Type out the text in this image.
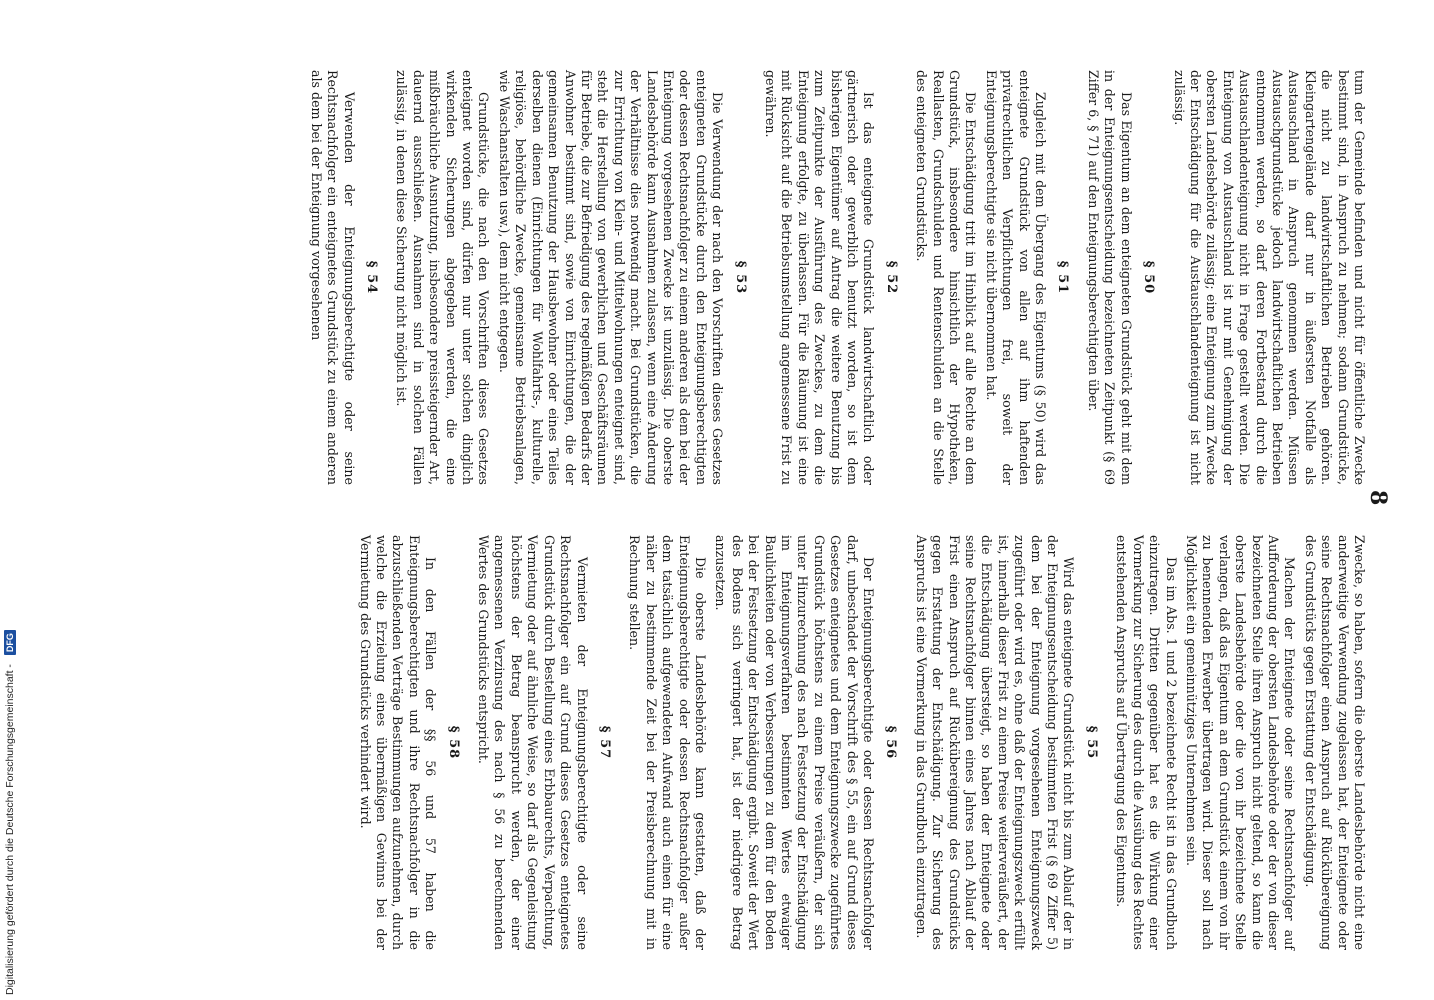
8

tum der Gemeinde befinden und nicht für öffentliche Zwecke bestimmt sind, in Anspruch zu nehmen; sodann Grundstücke, die nicht zu landwirtschaftlichen Betrieben gehören. Kleingartengelände darf nur in äußersten Notfalle als Austauschland in Anspruch genommen werden. Müssen Austauschgrundstücke jedoch landwirtschaftlichen Betrieben entnommen werden, so darf deren Fortbestand durch die Austauschlandenteignung nicht in Frage gestellt werden. Die Enteignung von Austauschland ist nur mit Genehmigung der obersten Landesbehörde zulässig; eine Enteignung zum Zwecke der Entschädigung für die Austauschlandenteignung ist nicht zulässig.

§ 50

Das Eigentum an dem enteigneten Grundstück geht mit dem in der Enteignungsentscheidung bezeichneten Zeitpunkt (§ 69 Ziffer 6, § 71) auf den Enteignungsberechtigten über.

§ 51

Zugleich mit dem Übergang des Eigentums (§ 50) wird das enteignete Grundstück von allen auf ihm haftenden privatrechtlichen Verpflichtungen frei, soweit der Enteignungsberechtigte sie nicht übernommen hat.

Die Entschädigung tritt im Hinblick auf alle Rechte an dem Grundstück, insbesondere hinsichtlich der Hypotheken, Reallasten, Grundschulden und Rentenschulden an die Stelle des enteigneten Grundstücks.

§ 52

Ist das enteignete Grundstück landwirtschaftlich oder gärtnerisch oder gewerblich benutzt worden, so ist dem bisherigen Eigentümer auf Antrag die weitere Benutzung bis zum Zeitpunkte der Ausführung des Zweckes, zu dem die Enteignung erfolgte, zu überlassen. Für die Räumung ist eine mit Rücksicht auf die Betriebsumstellung angemessene Frist zu gewähren.

§ 53

Die Verwendung der nach den Vorschriften dieses Gesetzes enteigneten Grundstücke durch den Enteignungsberechtigten oder dessen Rechtsnachfolger zu einem anderen als dem bei der Enteignung vorgesehenen Zwecke ist unzulässig. Die oberste Landesbehörde kann Ausnahmen zulassen, wenn eine Änderung der Verhältnisse dies notwendig macht. Bei Grundstücken, die zur Errichtung von Klein- und Mittelwohnungen enteignet sind, steht die Herstellung von gewerblichen und Geschäftsräumen für Betriebe, die zur Befriedigung des regelmäßigen Bedarfs der Anwohner bestimmt sind, sowie von Einrichtungen, die der gemeinsamen Benutzung der Hausbewohner oder eines Teiles derselben dienen (Einrichtungen für Wohlfahrts-, kulturelle, religiöse, behördliche Zwecke, gemeinsame Betriebsanlagen, wie Waschanstalten usw.), dem nicht entgegen.

Grundstücke, die nach den Vorschriften dieses Gesetzes enteignet worden sind, dürfen nur unter solchen dinglich wirkenden Sicherungen abgegeben werden, die eine mißbräuchliche Ausnutzung, insbesondere preissteigernder Art, dauernd ausschließen. Ausnahmen sind in solchen Fällen zulässig, in denen diese Sicherung nicht möglich ist.

§ 54

Verwenden der Enteignungsberechtigte oder seine Rechtsnachfolger ein enteignetes Grundstück zu einem anderen als dem bei der Enteignung vorgesehenen

Zwecke, so haben, sofern die oberste Landesbehörde nicht eine anderweitige Verwendung zugelassen hat, der Enteignete oder seine Rechtsnachfolger einen Anspruch auf Rückübereignung des Grundstücks gegen Erstattung der Entschädigung.

Machen der Enteignete oder seine Rechtsnachfolger auf Aufforderung der obersten Landesbehörde oder der von dieser bezeichneten Stelle ihren Anspruch nicht geltend, so kann die oberste Landesbehörde oder die von ihr bezeichnete Stelle verlangen, daß das Eigentum an dem Grundstück einem von ihr zu benennenden Erwerber übertragen wird. Dieser soll nach Möglichkeit ein gemeinnütziges Unternehmen sein.

Das im Abs. 1 und 2 bezeichnete Recht ist in das Grundbuch einzutragen. Dritten gegenüber hat es die Wirkung einer Vormerkung zur Sicherung des durch die Ausübung des Rechtes entstehenden Anspruchs auf Übertragung des Eigentums.

§ 55

Wird das enteignete Grundstück nicht bis zum Ablauf der in der Enteignungsentscheidung bestimmten Frist (§ 69 Ziffer 5) dem bei der Enteignung vorgesehenen Enteignungszweck zugeführt oder wird es, ohne daß der Enteignungszweck erfüllt ist, innerhalb dieser Frist zu einem Preise weiterveräußert, der die Entschädigung übersteigt, so haben der Enteignete oder seine Rechtsnachfolger binnen eines Jahres nach Ablauf der Frist einen Anspruch auf Rückübereignung des Grundstücks gegen Erstattung der Entschädigung. Zur Sicherung des Anspruchs ist eine Vormerkung in das Grundbuch einzutragen.

§ 56

Der Enteignungsberechtigte oder dessen Rechtsnachfolger darf, unbeschadet der Vorschrift des § 55, ein auf Grund dieses Gesetzes enteignetes und dem Enteignungszwecke zugeführtes Grundstück höchstens zu einem Preise veräußern, der sich unter Hinzurechnung des nach Festsetzung der Entschädigung im Enteignungsverfahren bestimmten Wertes etwaiger Baulichkeiten oder von Verbesserungen zu dem für den Boden bei der Festsetzung der Entschädigung ergibt. Soweit der Wert des Bodens sich verringert hat, ist der niedrigere Betrag anzusetzen.

Die oberste Landesbehörde kann gestatten, daß der Enteignungsberechtigte oder dessen Rechtsnachfolger außer dem tatsächlich aufgewendeten Aufwand auch einen für eine näher zu bestimmende Zeit bei der Preisberechnung mit in Rechnung stellen.

§ 57

Vermieten der Enteignungsberechtigte oder seine Rechtsnachfolger ein auf Grund dieses Gesetzes enteignetes Grundstück durch Bestellung eines Erbbaurechts, Verpachtung, Vermietung oder auf ähnliche Weise, so darf als Gegenleistung höchstens der Betrag beansprucht werden, der einer angemessenen Verzinsung des nach § 56 zu berechnenden Wertes des Grundstücks entspricht.

§ 58

In den Fällen der §§ 56 und 57 haben die Enteignungsberechtigten und ihre Rechtsnachfolger in die abzuschließenden Verträge Bestimmungen aufzunehmen, durch welche die Erzielung eines übermäßigen Gewinns bei der Vermietung des Grundstücks verhindert wird.

Digitalisierung gefördert durch die Deutsche Forschungsgemeinschaft - DFG
